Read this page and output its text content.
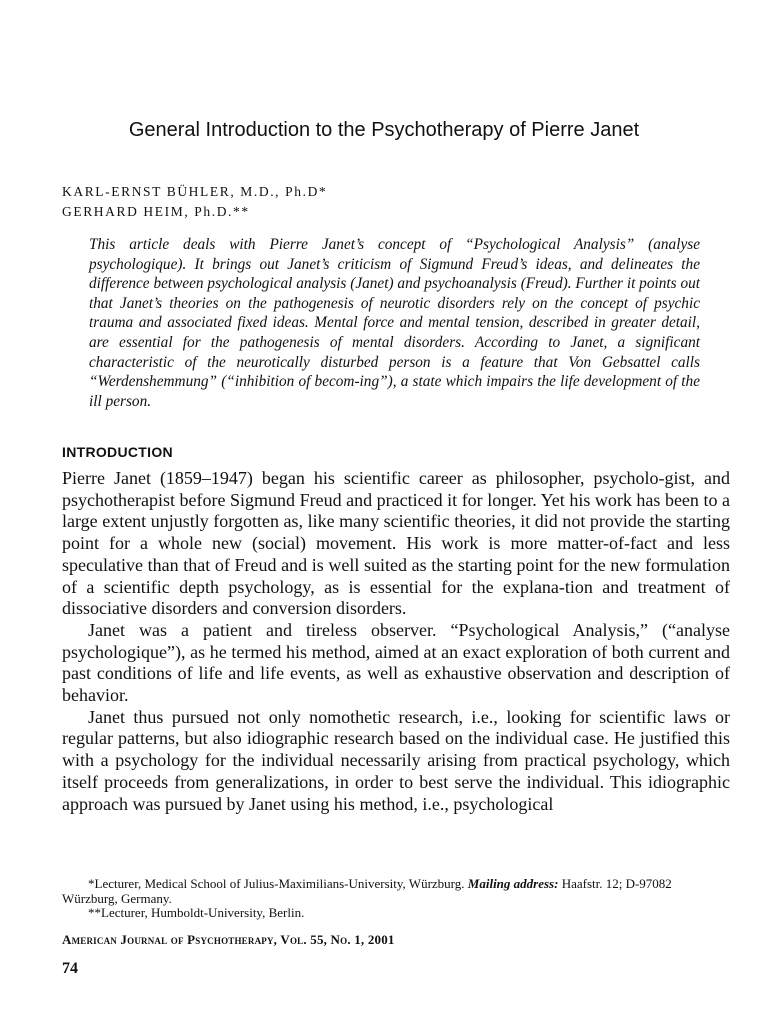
General Introduction to the Psychotherapy of Pierre Janet
KARL-ERNST BÜHLER, M.D., Ph.D*
GERHARD HEIM, Ph.D.**
This article deals with Pierre Janet’s concept of “Psychological Analysis” (analyse psychologique). It brings out Janet’s criticism of Sigmund Freud’s ideas, and delineates the difference between psychological analysis (Janet) and psychoanalysis (Freud). Further it points out that Janet’s theories on the pathogenesis of neurotic disorders rely on the concept of psychic trauma and associated fixed ideas. Mental force and mental tension, described in greater detail, are essential for the pathogenesis of mental disorders. According to Janet, a significant characteristic of the neurotically disturbed person is a feature that Von Gebsattel calls “Werdenshemmung” (“inhibition of becom-ing”), a state which impairs the life development of the ill person.
INTRODUCTION

Pierre Janet (1859–1947) began his scientific career as philosopher, psycholo-gist, and psychotherapist before Sigmund Freud and practiced it for longer. Yet his work has been to a large extent unjustly forgotten as, like many scientific theories, it did not provide the starting point for a whole new (social) movement. His work is more matter-of-fact and less speculative than that of Freud and is well suited as the starting point for the new formulation of a scientific depth psychology, as is essential for the explana-tion and treatment of dissociative disorders and conversion disorders.

Janet was a patient and tireless observer. “Psychological Analysis,” (“analyse psychologique”), as he termed his method, aimed at an exact exploration of both current and past conditions of life and life events, as well as exhaustive observation and description of behavior.

Janet thus pursued not only nomothetic research, i.e., looking for scientific laws or regular patterns, but also idiographic research based on the individual case. He justified this with a psychology for the individual necessarily arising from practical psychology, which itself proceeds from generalizations, in order to best serve the individual. This idiographic approach was pursued by Janet using his method, i.e., psychological

*Lecturer, Medical School of Julius-Maximilians-University, Würzburg. Mailing address: Haafstr. 12; D-97082 Würzburg, Germany.

**Lecturer, Humboldt-University, Berlin.

American Journal of Psychotherapy, Vol. 55, No. 1, 2001
74
